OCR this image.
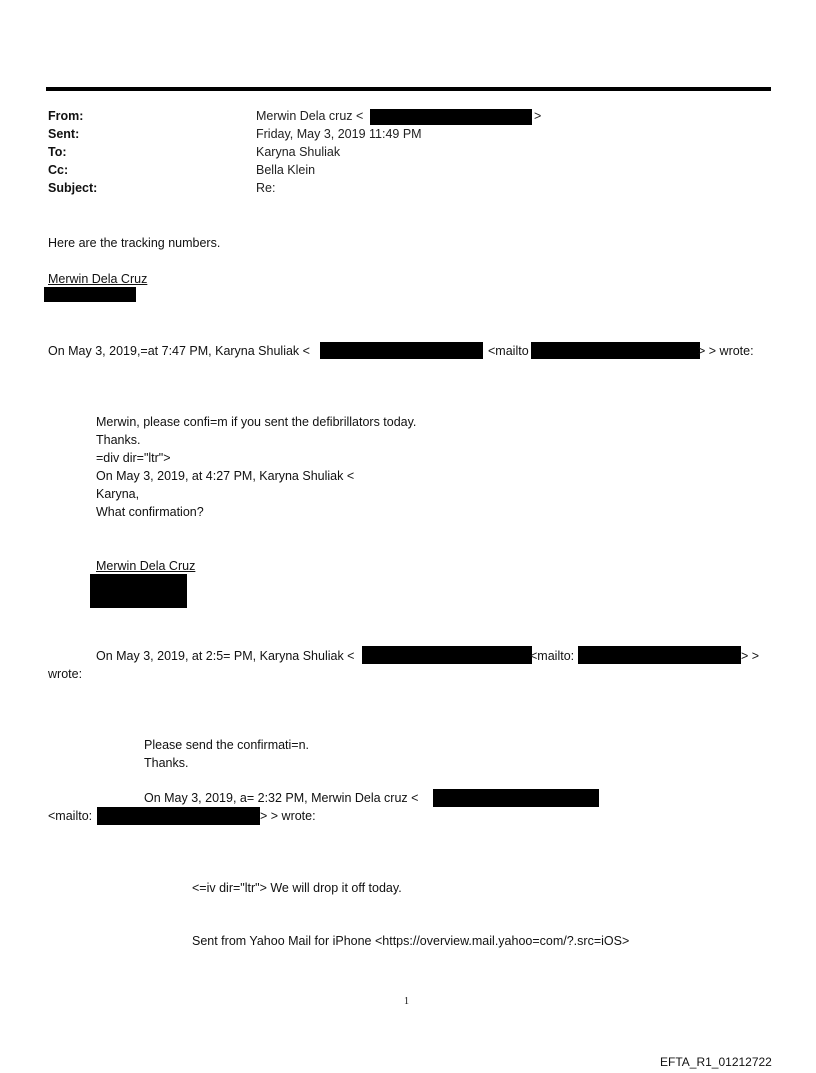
From:	Merwin Dela cruz <	>
Sent:	Friday, May 3, 2019 11:49 PM
To:	Karyna Shuliak
Cc:	Bella Klein
Subject:	Re:
Here are the tracking numbers.
Merwin Dela Cruz
On May 3, 2019,=at 7:47 PM, Karyna Shuliak <	<mailto	> > wrote:
Merwin, please confi=m if you sent the defibrillators today.
Thanks.
=div dir="ltr">
On May 3, 2019, at 4:27 PM, Karyna Shuliak <
Karyna,
What confirmation?
Merwin Dela Cruz
On May 3, 2019, at 2:5= PM, Karyna Shuliak <	<mailto:	> >
wrote:
Please send the confirmati=n.
Thanks.
On May 3, 2019, a= 2:32 PM, Merwin Dela cruz <
<mailto:	> > wrote:
<=iv dir="ltr"> We will drop it off today.
Sent from Yahoo Mail for iPhone <https://overview.mail.yahoo=com/?.src=iOS>
1
EFTA_R1_01212722
